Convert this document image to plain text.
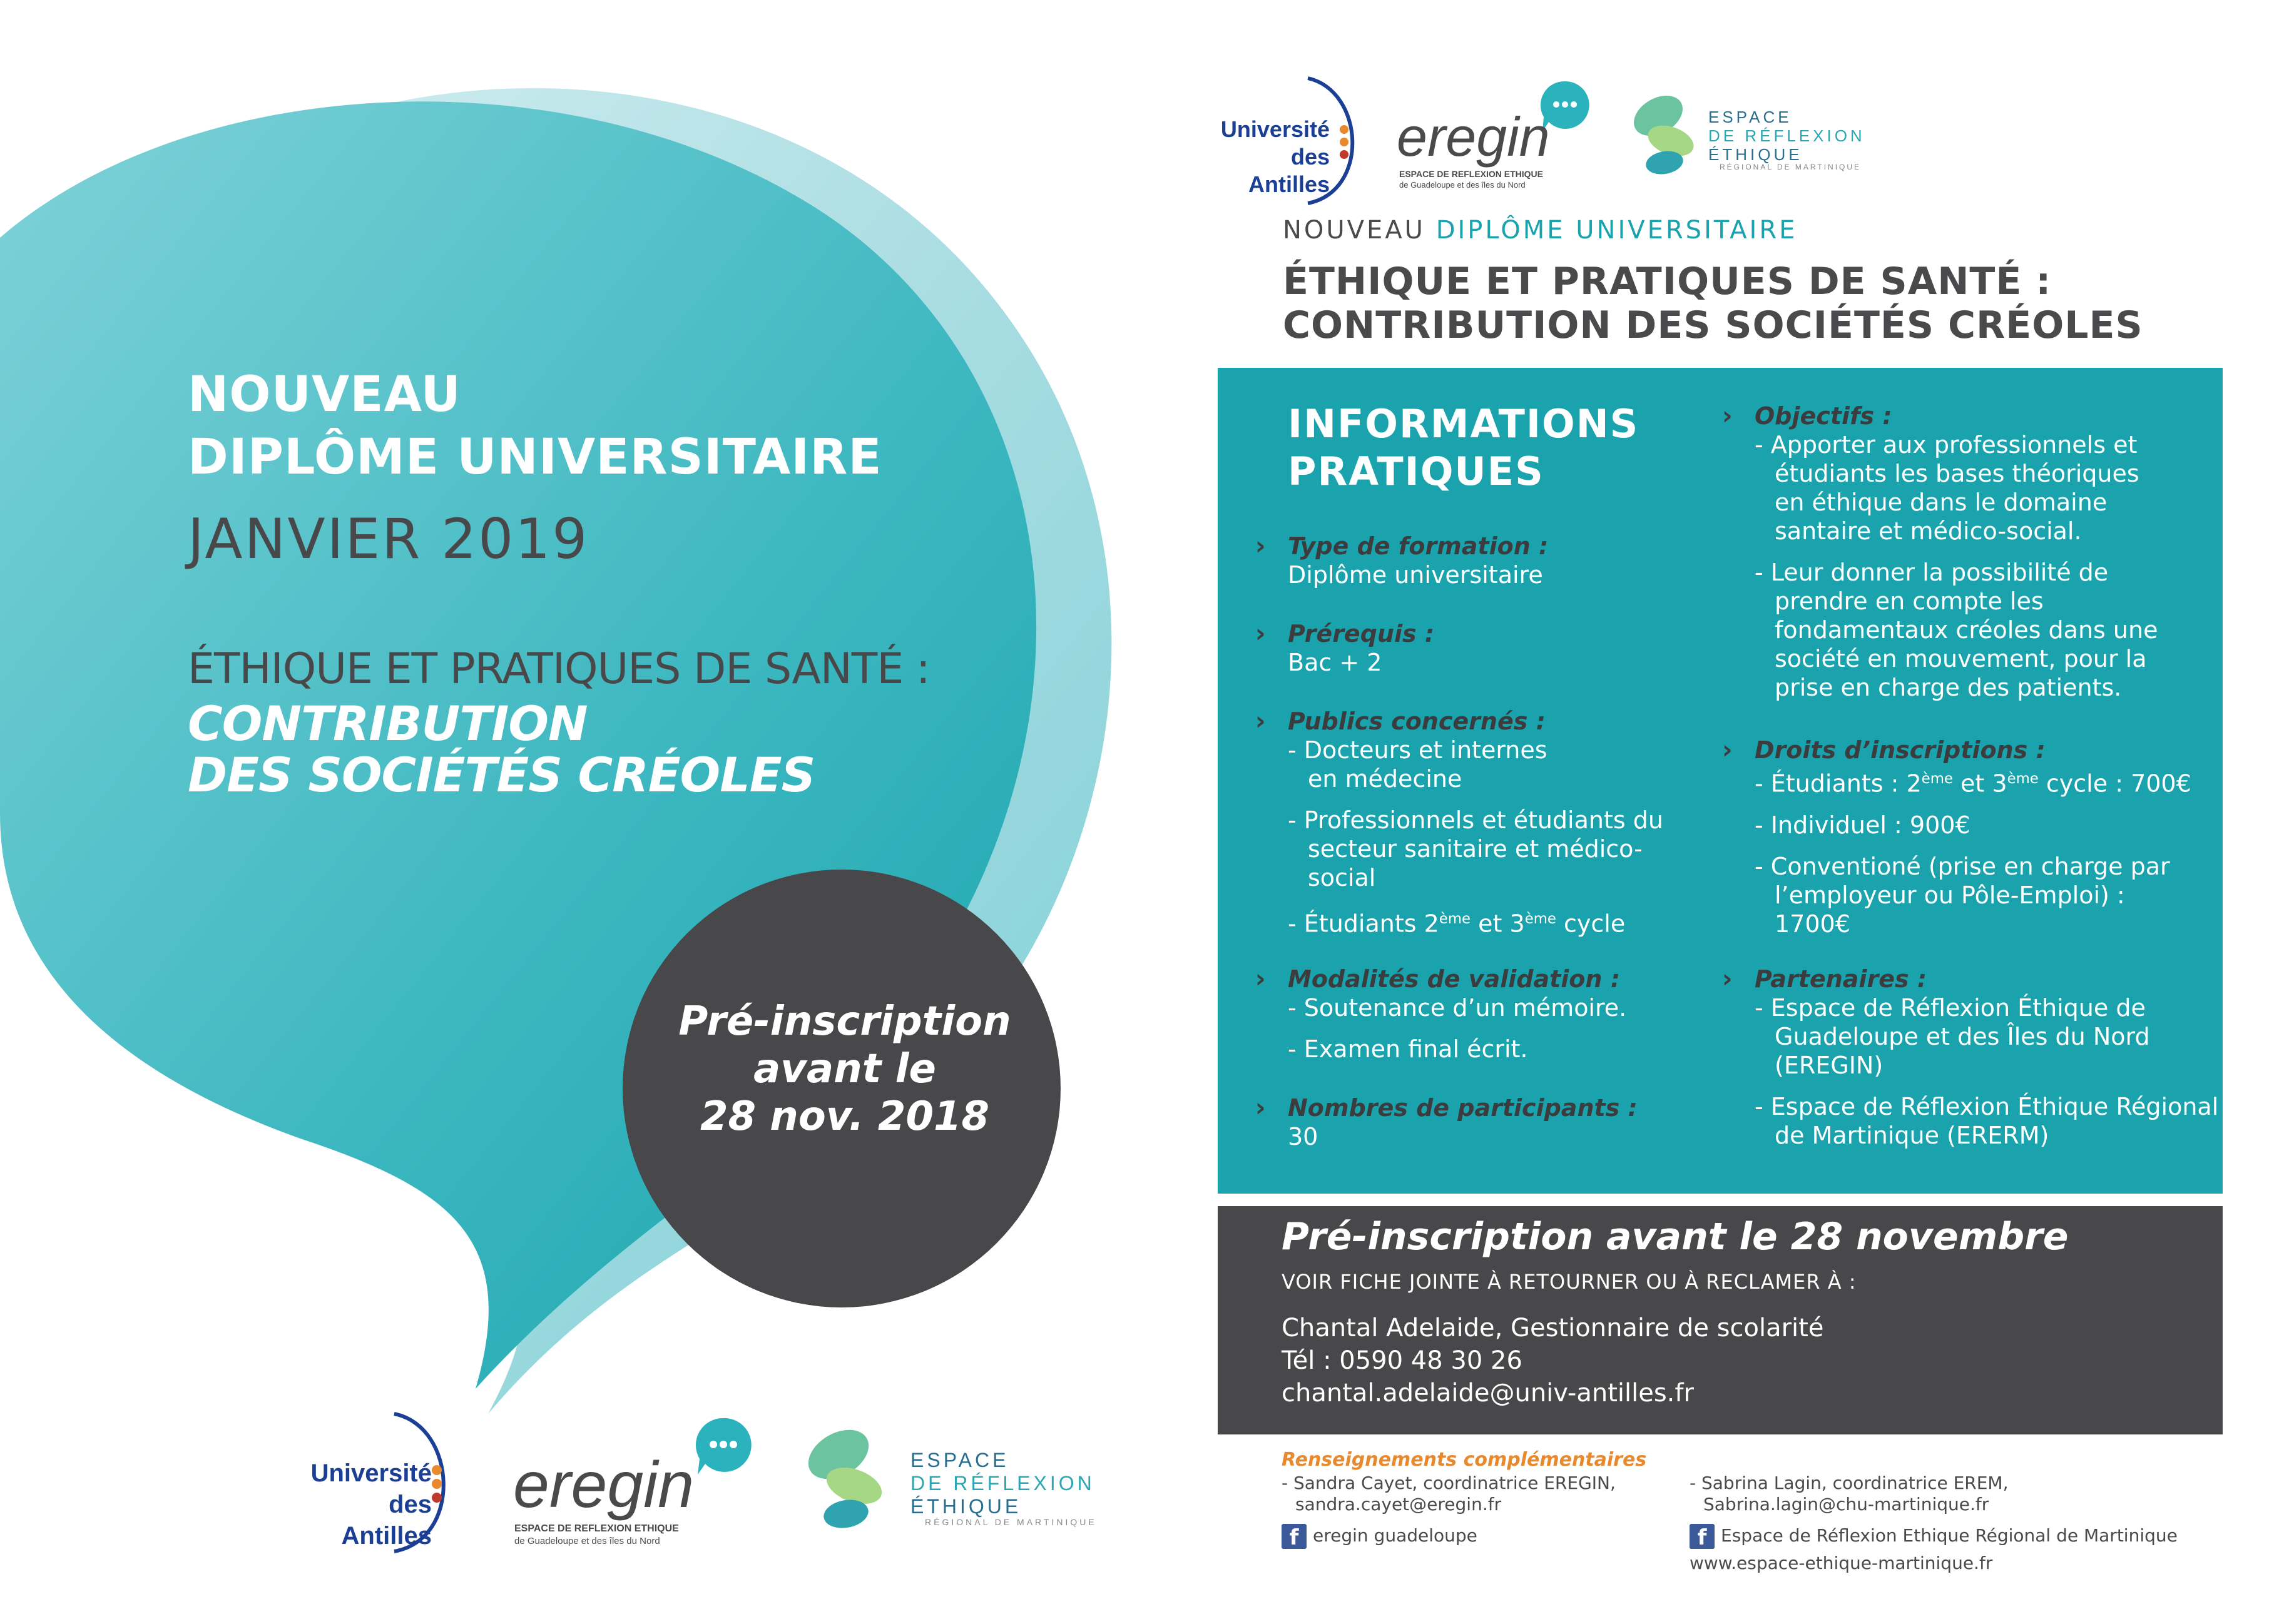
NOUVEAU
DIPLÔME UNIVERSITAIRE
JANVIER 2019
ÉTHIQUE ET PRATIQUES DE SANTÉ :
CONTRIBUTION
DES SOCIÉTÉS CRÉOLES
Pré-inscription
avant le
28 nov. 2018
Université
des Antilles
eregin
ESPACE DE REFLEXION ETHIQUE
de Guadeloupe et des îles du Nord
ESPACE
DE RÉFLEXION
ÉTHIQUE
RÉGIONAL DE MARTINIQUE
NOUVEAU DIPLÔME UNIVERSITAIRE
ÉTHIQUE ET PRATIQUES DE SANTÉ :
CONTRIBUTION DES SOCIÉTÉS CRÉOLES
INFORMATIONS
PRATIQUES
› Type de formation :
Diplôme universitaire
› Prérequis :
Bac + 2
› Publics concernés :
- Docteurs et internes en médecine
- Professionnels et étudiants du secteur sanitaire et médico-social
- Étudiants 2ème et 3ème cycle
› Modalités de validation :
- Soutenance d’un mémoire.
- Examen final écrit.
› Nombres de participants :
30
› Objectifs :
- Apporter aux professionnels et étudiants les bases théoriques en éthique dans le domaine santaire et médico-social.
- Leur donner la possibilité de prendre en compte les fondamentaux créoles dans une société en mouvement, pour la prise en charge des patients.
› Droits d’inscriptions :
- Étudiants : 2ème et 3ème cycle : 700€
- Individuel : 900€
- Conventioné (prise en charge par l’employeur ou Pôle-Emploi) : 1700€
› Partenaires :
- Espace de Réflexion Éthique de Guadeloupe et des Îles du Nord (EREGIN)
- Espace de Réflexion Éthique Régional de Martinique (ERERM)
Pré-inscription avant le 28 novembre
VOIR FICHE JOINTE À RETOURNER OU À RECLAMER À :
Chantal Adelaide, Gestionnaire de scolarité
Tél : 0590 48 30 26
chantal.adelaide@univ-antilles.fr
Renseignements complémentaires
- Sandra Cayet, coordinatrice EREGIN,
sandra.cayet@eregin.fr
f eregin guadeloupe
- Sabrina Lagin, coordinatrice EREM,
Sabrina.lagin@chu-martinique.fr
f Espace de Réflexion Ethique Régional de Martinique
www.espace-ethique-martinique.fr
Université
des Antilles
eregin
ESPACE DE REFLEXION ETHIQUE
de Guadeloupe et des îles du Nord
ESPACE
DE RÉFLEXION
ÉTHIQUE
RÉGIONAL DE MARTINIQUE
